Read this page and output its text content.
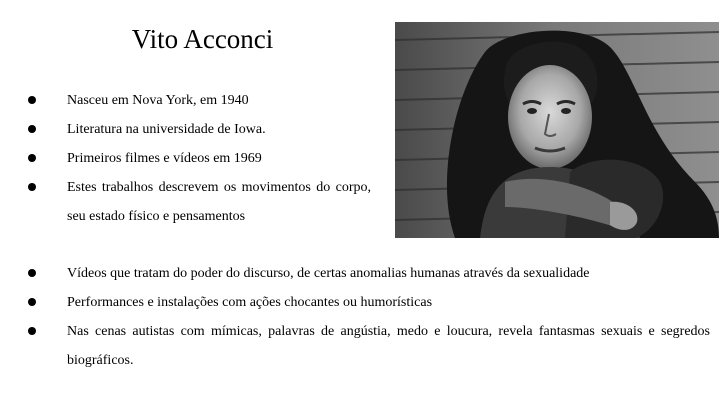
Vito Acconci
Nasceu em Nova York, em 1940
Literatura na universidade de Iowa.
Primeiros filmes e vídeos em 1969
Estes trabalhos descrevem os movimentos do corpo, seu estado físico e pensamentos
Vídeos que tratam do poder do discurso, de certas anomalias humanas através da sexualidade
Performances e instalações com ações chocantes ou humorísticas
Nas cenas autistas com mímicas, palavras de angústia, medo e loucura, revela fantasmas sexuais e segredos biográficos.
